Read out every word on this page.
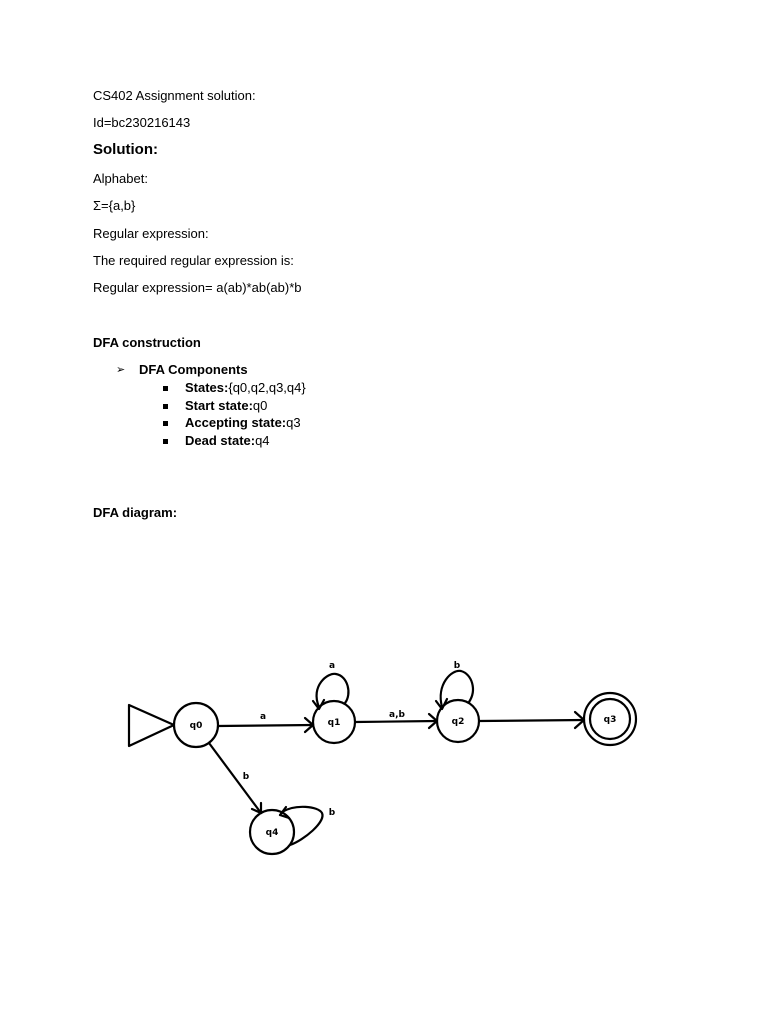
CS402 Assignment solution:
Id=bc230216143
Solution:
Alphabet:
Σ={a,b}
Regular expression:
The required regular expression is:
Regular expression= a(ab)*ab(ab)*b
DFA construction
➢ DFA Components
States:{q0,q2,q3,q4}
Start state:q0
Accepting state:q3
Dead state:q4
DFA diagram:
q0	q1	q2	q3
q4
a
a
a,b
b
b
b
